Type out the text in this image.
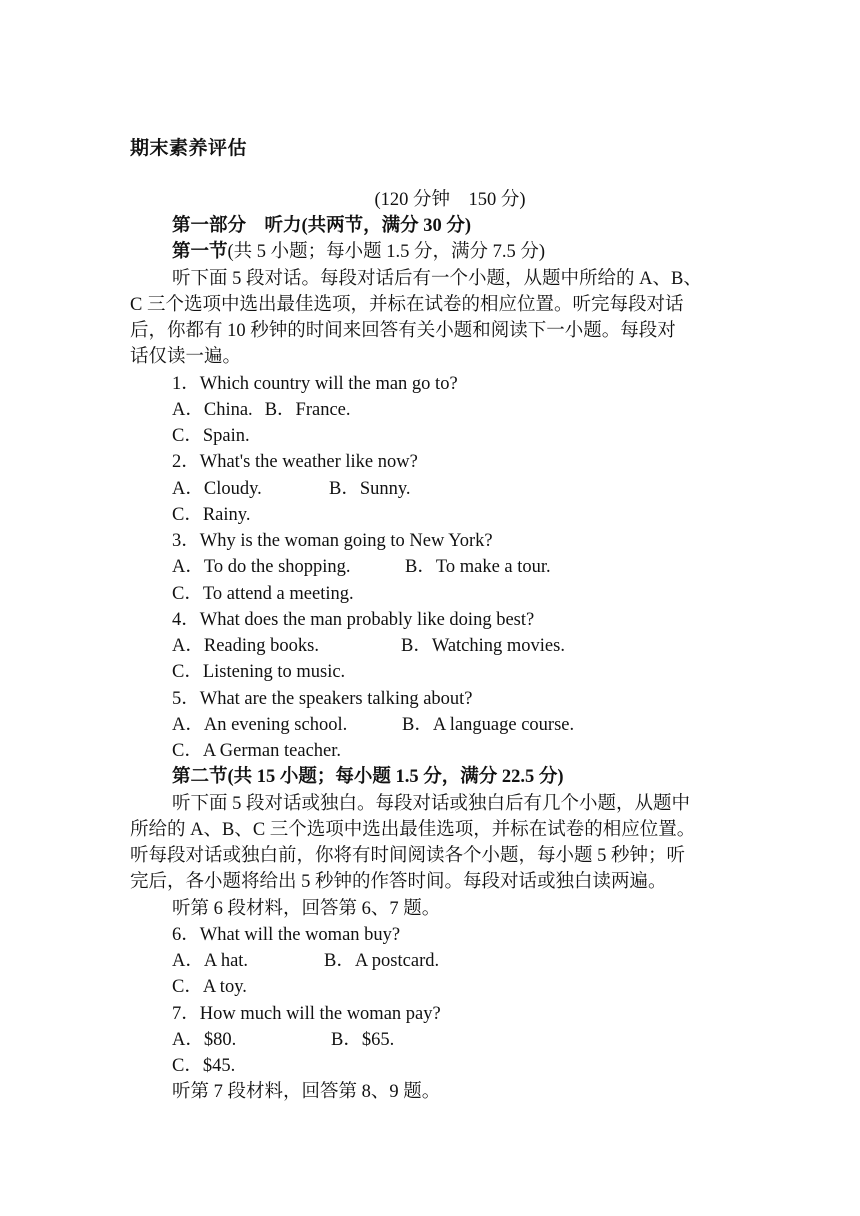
期末素养评估
(120 分钟　150 分)
第一部分　听力(共两节，满分 30 分)
第一节(共 5 小题；每小题 1.5 分，满分 7.5 分)
听下面 5 段对话。每段对话后有一个小题，从题中所给的 A、B、
C 三个选项中选出最佳选项，并标在试卷的相应位置。听完每段对话
后，你都有 10 秒钟的时间来回答有关小题和阅读下一小题。每段对
话仅读一遍。
1．Which country will the man go to?
A．China. B．France.
C．Spain.
2．What's the weather like now?
A．Cloudy.	B．Sunny.
C．Rainy.
3．Why is the woman going to New York?
A．To do the shopping.	B．To make a tour.
C．To attend a meeting.
4．What does the man probably like doing best?
A．Reading books.	B．Watching movies.
C．Listening to music.
5．What are the speakers talking about?
A．An evening school.	B．A language course.
C．A German teacher.
第二节(共 15 小题；每小题 1.5 分，满分 22.5 分)
听下面 5 段对话或独白。每段对话或独白后有几个小题，从题中
所给的 A、B、C 三个选项中选出最佳选项，并标在试卷的相应位置。
听每段对话或独白前，你将有时间阅读各个小题，每小题 5 秒钟；听
完后，各小题将给出 5 秒钟的作答时间。每段对话或独白读两遍。
听第 6 段材料，回答第 6、7 题。
6．What will the woman buy?
A．A hat.	B．A postcard.
C．A toy.
7．How much will the woman pay?
A．$80.	B．$65.
C．$45.
听第 7 段材料，回答第 8、9 题。
